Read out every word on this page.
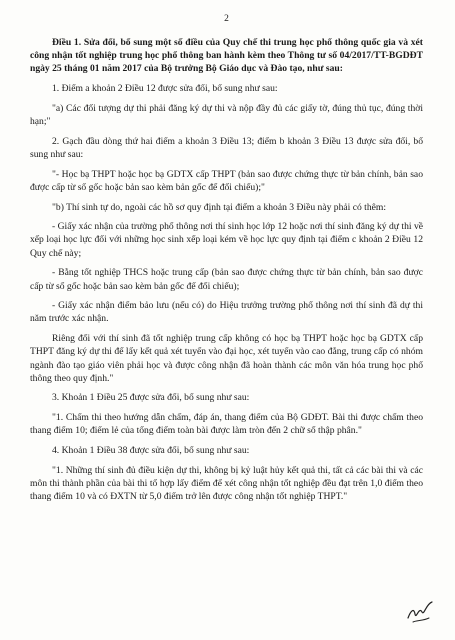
2

Điều 1. Sửa đổi, bổ sung một số điều của Quy chế thi trung học phổ thông quốc gia và xét công nhận tốt nghiệp trung học phổ thông ban hành kèm theo Thông tư số 04/2017/TT-BGDĐT ngày 25 tháng 01 năm 2017 của Bộ trưởng Bộ Giáo dục và Đào tạo, như sau:

1. Điểm a khoản 2 Điều 12 được sửa đổi, bổ sung như sau:

"a) Các đối tượng dự thi phải đăng ký dự thi và nộp đầy đủ các giấy tờ, đúng thủ tục, đúng thời hạn;"

2. Gạch đầu dòng thứ hai điểm a khoản 3 Điều 13; điểm b khoản 3 Điều 13 được sửa đổi, bổ sung như sau:

"- Học bạ THPT hoặc học bạ GDTX cấp THPT (bản sao được chứng thực từ bản chính, bản sao được cấp từ sổ gốc hoặc bản sao kèm bản gốc để đối chiếu);"

"b) Thí sinh tự do, ngoài các hồ sơ quy định tại điểm a khoản 3 Điều này phải có thêm:

- Giấy xác nhận của trường phổ thông nơi thí sinh học lớp 12 hoặc nơi thí sinh đăng ký dự thi về xếp loại học lực đối với những học sinh xếp loại kém về học lực quy định tại điểm c khoản 2 Điều 12 Quy chế này;

- Bằng tốt nghiệp THCS hoặc trung cấp (bản sao được chứng thực từ bản chính, bản sao được cấp từ sổ gốc hoặc bản sao kèm bản gốc để đối chiếu);

- Giấy xác nhận điểm bảo lưu (nếu có) do Hiệu trưởng trường phổ thông nơi thí sinh đã dự thi năm trước xác nhận.

Riêng đối với thí sinh đã tốt nghiệp trung cấp không có học bạ THPT hoặc học bạ GDTX cấp THPT đăng ký dự thi để lấy kết quả xét tuyển vào đại học, xét tuyển vào cao đẳng, trung cấp có nhóm ngành đào tạo giáo viên phải học và được công nhận đã hoàn thành các môn văn hóa trung học phổ thông theo quy định."

3. Khoản 1 Điều 25 được sửa đổi, bổ sung như sau:

"1. Chấm thi theo hướng dẫn chấm, đáp án, thang điểm của Bộ GDĐT. Bài thi được chấm theo thang điểm 10; điểm lẻ của tổng điểm toàn bài được làm tròn đến 2 chữ số thập phân."

4. Khoản 1 Điều 38 được sửa đổi, bổ sung như sau:

"1. Những thí sinh đủ điều kiện dự thi, không bị kỷ luật hủy kết quả thi, tất cả các bài thi và các môn thi thành phần của bài thi tổ hợp lấy điểm để xét công nhận tốt nghiệp đều đạt trên 1,0 điểm theo thang điểm 10 và có ĐXTN từ 5,0 điểm trở lên được công nhận tốt nghiệp THPT."
